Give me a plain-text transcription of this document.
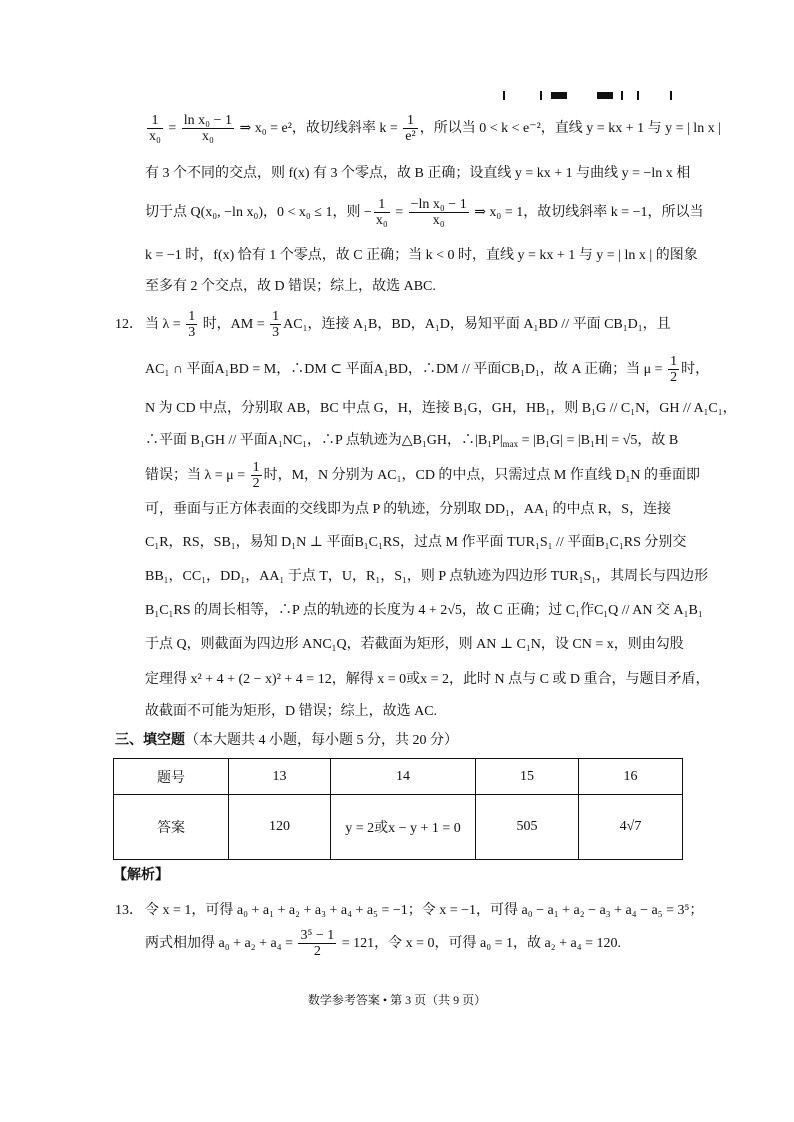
$\frac{1}{\text{x₀}} = \frac{\text{ln x₀ − 1}}{\text{x₀}}$ ⇒ x₀ = e²，故切线斜率 $k = \frac{1}{\text{e²}}$ ，所以当 0 < k < e⁻²，直线 y = kx + 1 与 y = | ln x |
有 3 个不同的交点，则 f(x) 有 3 个零点，故 B 正确；设直线 y = kx + 1 与曲线 y = −ln x 相
切于点 Q(x₀, −ln x₀)，0 < x₀ ≤ 1，则 − $\frac{1}{\text{x₀}} = \frac{\text{−ln x₀ − 1}}{\text{x₀}}$ ⇒ x₀ = 1，故切线斜率 k = −1，所以当
k = −1 时，f(x) 恰有 1 个零点，故 C 正确；当 k < 0 时，直线 y = kx + 1 与 y = | ln x | 的图象
至多有 2 个交点，故 D 错误；综上，故选 ABC.
12． 当 $\lambda = \frac{1}{3}$ 时，AM = $\frac{1}{3} AC_1$，连接 A₁B，BD，A₁D，易知平面 A₁BD // 平面 CB₁D₁，且
AC₁ ∩ 平面A₁BD = M，∴DM ⊂ 平面A₁BD，∴DM // 平面CB₁D₁，故 A 正确；当 $\mu = \frac{1}{2}$ 时，
N 为 CD 中点，分别取 AB，BC 中点 G，H，连接 B₁G，GH，HB₁，则 B₁G // C₁N，GH // A₁C₁，
∴平面 B₁GH // 平面A₁NC₁，∴P 点轨迹为△B₁GH，$\therefore|B_1P|_{max} = |B_1G| = |B_1H| = √5$，故 B
错误；当 $\lambda = \mu = \frac{1}{2}$ 时，M，N 分别为 AC₁，CD 的中点，只需过点 M 作直线 D₁N 的垂面即
可，垂面与正方体表面的交线即为点 P 的轨迹，分别取 DD₁，AA₁ 的中点 R，S，连接
C₁R，RS，SB₁，易知 D₁N ⊥ 平面B₁C₁RS，过点 M 作平面 TUR₁S₁ // 平面B₁C₁RS 分别交
BB₁，CC₁，DD₁，AA₁ 于点 T，U，R₁，S₁，则 P 点轨迹为四边形 TUR₁S₁，其周长与四边形
B₁C₁RS 的周长相等，∴P 点的轨迹的长度为 4 + 2√5，故 C 正确；过 C₁作C₁Q // AN 交 A₁B₁
于点 Q，则截面为四边形 ANC₁Q，若截面为矩形，则 AN ⊥ C₁N，设 CN = x，则由勾股
定理得 x² + 4 + (2 − x)² + 4 = 12，解得 x = 0或x = 2，此时 N 点与 C 或 D 重合，与题目矛盾，
故截面不可能为矩形，D 错误；综上，故选 AC.
三、填空题（本大题共 4 小题，每小题 5 分，共 20 分）
题号	13	14	15	16
答案	120	y = 2或x − y + 1 = 0	505	4√7
【解析】
13． 令 x = 1，可得 a₀ + a₁ + a₂ + a₃ + a₄ + a₅ = −1；令 x = −1，可得 a₀ − a₁ + a₂ − a₃ + a₄ − a₅ = 3⁵；
两式相加得 $a_0 + a_2 + a_4 = \frac{\text{3⁵ − 1}}{2} = 121$，令 x = 0，可得 a₀ = 1，故 a₂ + a₄ = 120.
数学参考答案 • 第 3 页（共 9 页）
